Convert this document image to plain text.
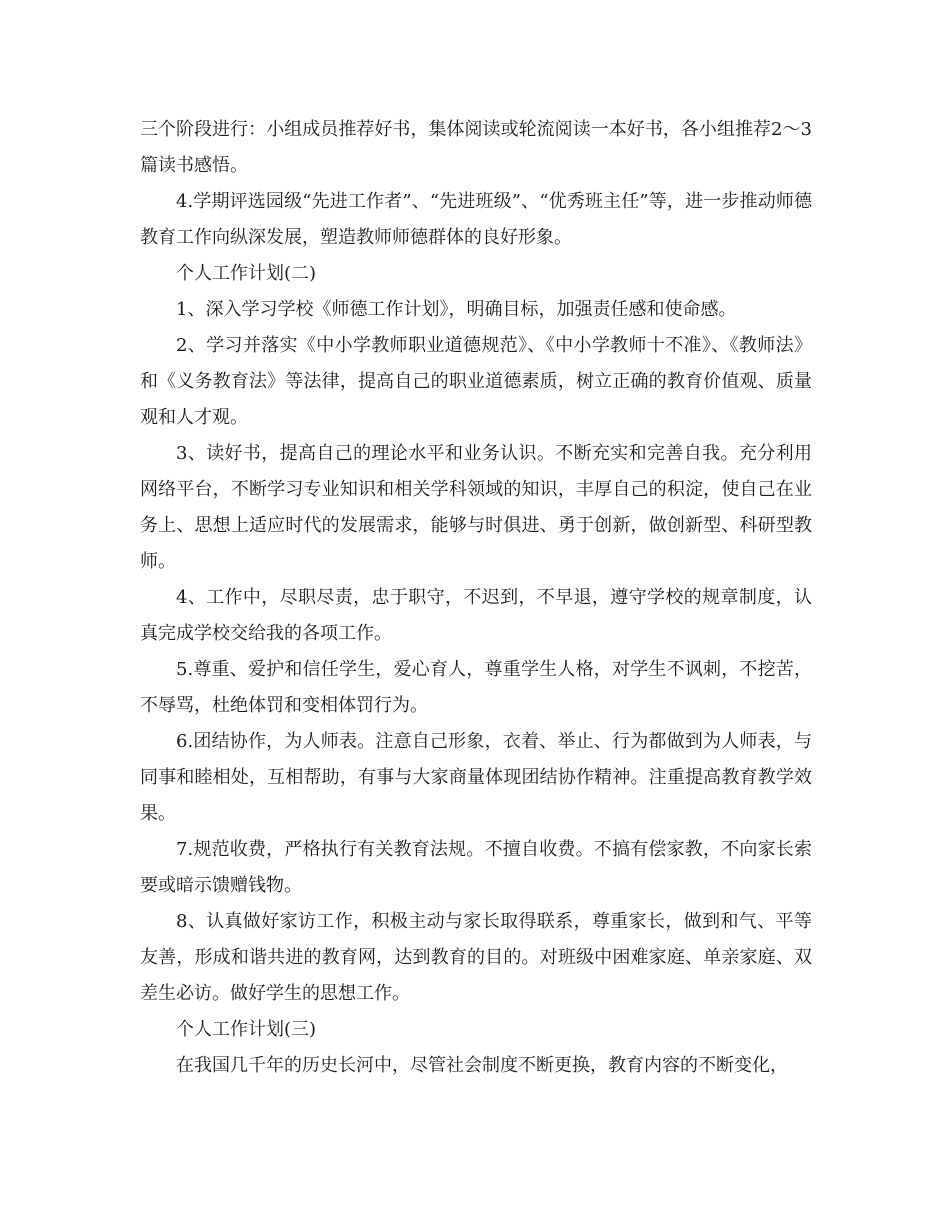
三个阶段进行：小组成员推荐好书，集体阅读或轮流阅读一本好书，各小组推荐2～3篇读书感悟。

4.学期评选园级“先进工作者”、“先进班级”、“优秀班主任”等，进一步推动师德教育工作向纵深发展，塑造教师师德群体的良好形象。

个人工作计划(二)

1、深入学习学校《师德工作计划》，明确目标，加强责任感和使命感。

2、学习并落实《中小学教师职业道德规范》、《中小学教师十不准》、《教师法》和《义务教育法》等法律，提高自己的职业道德素质，树立正确的教育价值观、质量观和人才观。

3、读好书，提高自己的理论水平和业务认识。不断充实和完善自我。充分利用网络平台，不断学习专业知识和相关学科领域的知识，丰厚自己的积淀，使自己在业务上、思想上适应时代的发展需求，能够与时俱进、勇于创新，做创新型、科研型教师。

4、工作中，尽职尽责，忠于职守，不迟到，不早退，遵守学校的规章制度，认真完成学校交给我的各项工作。

5.尊重、爱护和信任学生，爱心育人，尊重学生人格，对学生不讽刺，不挖苦，不辱骂，杜绝体罚和变相体罚行为。

6.团结协作，为人师表。注意自己形象，衣着、举止、行为都做到为人师表，与同事和睦相处，互相帮助，有事与大家商量体现团结协作精神。注重提高教育教学效果。

7.规范收费，严格执行有关教育法规。不擅自收费。不搞有偿家教，不向家长索要或暗示馈赠钱物。

8、认真做好家访工作，积极主动与家长取得联系，尊重家长，做到和气、平等友善，形成和谐共进的教育网，达到教育的目的。对班级中困难家庭、单亲家庭、双差生必访。做好学生的思想工作。

个人工作计划(三)

在我国几千年的历史长河中，尽管社会制度不断更换，教育内容的不断变化，
